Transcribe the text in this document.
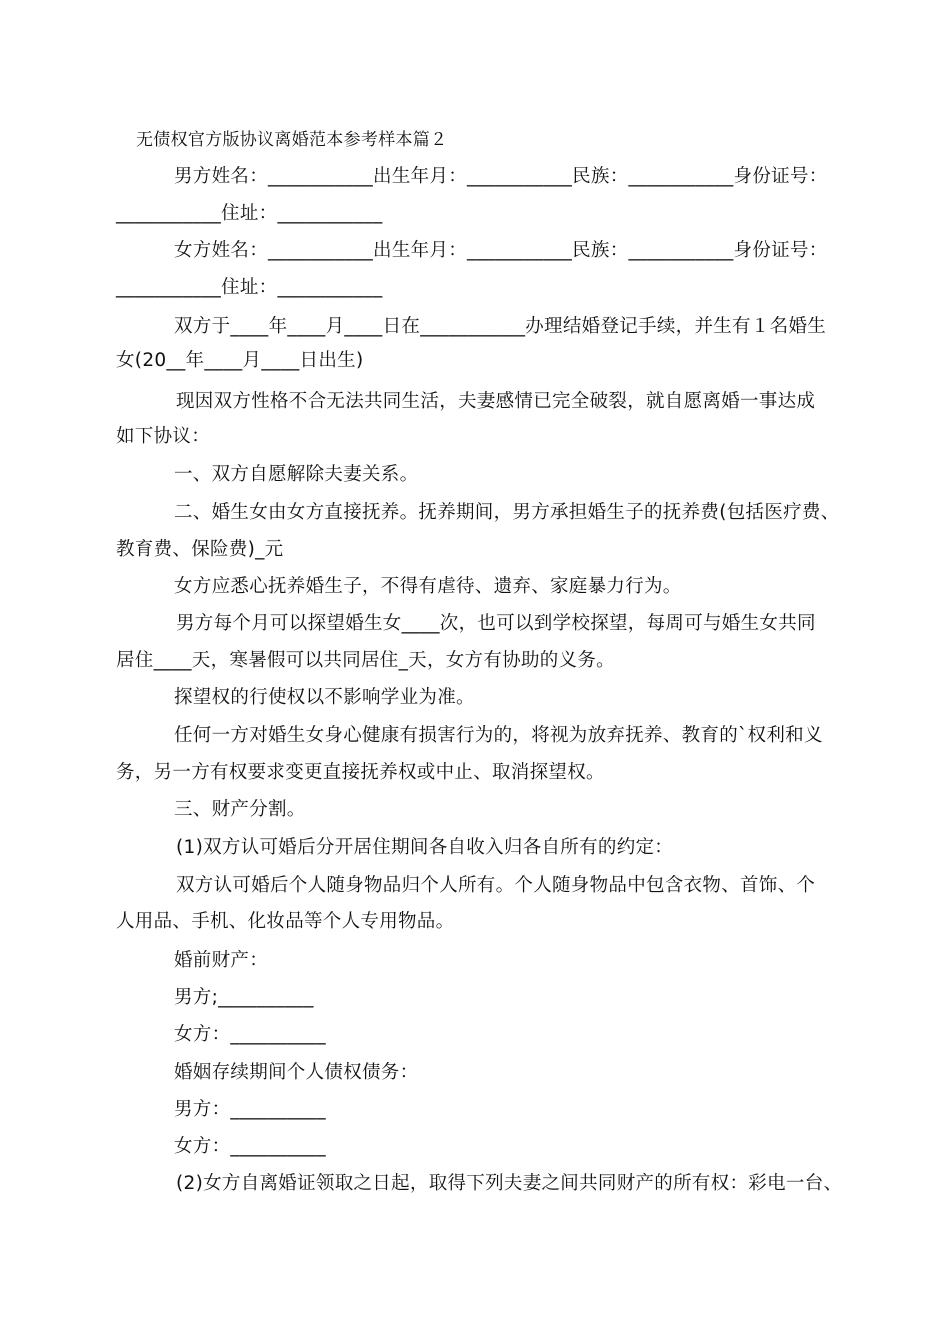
无债权官方版协议离婚范本参考样本篇２
男方姓名：___________出生年月：___________民族：___________身份证号：
___________住址：___________
女方姓名：___________出生年月：___________民族：___________身份证号：
___________住址：___________
双方于____年____月____日在___________办理结婚登记手续，并生有１名婚生
女(20__年____月____日出生)
现因双方性格不合无法共同生活，夫妻感情已完全破裂，就自愿离婚一事达成
如下协议：
一、双方自愿解除夫妻关系。
二、婚生女由女方直接抚养。抚养期间，男方承担婚生子的抚养费(包括医疗费、
教育费、保险费)_元
女方应悉心抚养婚生子，不得有虐待、遗弃、家庭暴力行为。
男方每个月可以探望婚生女____次，也可以到学校探望，每周可与婚生女共同
居住____天，寒暑假可以共同居住_天，女方有协助的义务。
探望权的行使权以不影响学业为准。
任何一方对婚生女身心健康有损害行为的，将视为放弃抚养、教育的`权利和义
务，另一方有权要求变更直接抚养权或中止、取消探望权。
三、财产分割。
(1)双方认可婚后分开居住期间各自收入归各自所有的约定：
双方认可婚后个人随身物品归个人所有。个人随身物品中包含衣物、首饰、个
人用品、手机、化妆品等个人专用物品。
婚前财产：
男方;__________
女方：__________
婚姻存续期间个人债权债务：
男方：__________
女方：__________
(2)女方自离婚证领取之日起，取得下列夫妻之间共同财产的所有权：彩电一台、
